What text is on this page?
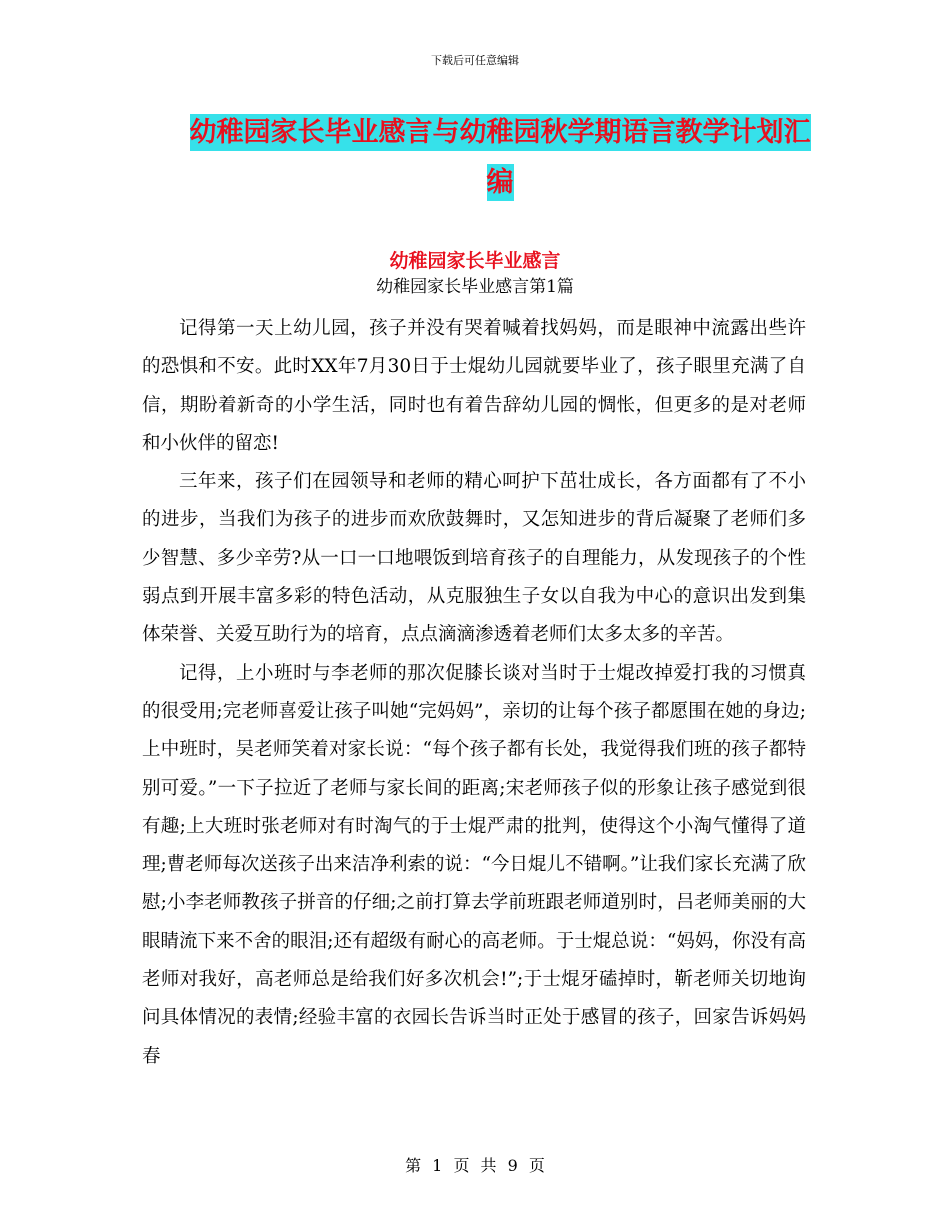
下载后可任意编辑
幼稚园家长毕业感言与幼稚园秋学期语言教学计划汇
编
幼稚园家长毕业感言
幼稚园家长毕业感言第1篇

记得第一天上幼儿园，孩子并没有哭着喊着找妈妈，而是眼神中流露出些许的恐惧和不安。此时XX年7月30日于士焜幼儿园就要毕业了，孩子眼里充满了自信，期盼着新奇的小学生活，同时也有着告辞幼儿园的惆怅，但更多的是对老师和小伙伴的留恋!

三年来，孩子们在园领导和老师的精心呵护下茁壮成长，各方面都有了不小的进步，当我们为孩子的进步而欢欣鼓舞时，又怎知进步的背后凝聚了老师们多少智慧、多少辛劳?从一口一口地喂饭到培育孩子的自理能力，从发现孩子的个性弱点到开展丰富多彩的特色活动，从克服独生子女以自我为中心的意识出发到集体荣誉、关爱互助行为的培育，点点滴滴渗透着老师们太多太多的辛苦。

记得，上小班时与李老师的那次促膝长谈对当时于士焜改掉爱打我的习惯真的很受用;完老师喜爱让孩子叫她“完妈妈”，亲切的让每个孩子都愿围在她的身边;上中班时，吴老师笑着对家长说：“每个孩子都有长处，我觉得我们班的孩子都特别可爱。”一下子拉近了老师与家长间的距离;宋老师孩子似的形象让孩子感觉到很有趣;上大班时张老师对有时淘气的于士焜严肃的批判，使得这个小淘气懂得了道理;曹老师每次送孩子出来洁净利索的说：“今日焜儿不错啊。”让我们家长充满了欣慰;小李老师教孩子拼音的仔细;之前打算去学前班跟老师道别时，吕老师美丽的大眼睛流下来不舍的眼泪;还有超级有耐心的高老师。于士焜总说：“妈妈，你没有高老师对我好，高老师总是给我们好多次机会!”;于士焜牙磕掉时，靳老师关切地询问具体情况的表情;经验丰富的衣园长告诉当时正处于感冒的孩子，回家告诉妈妈春

第 1 页 共 9 页
